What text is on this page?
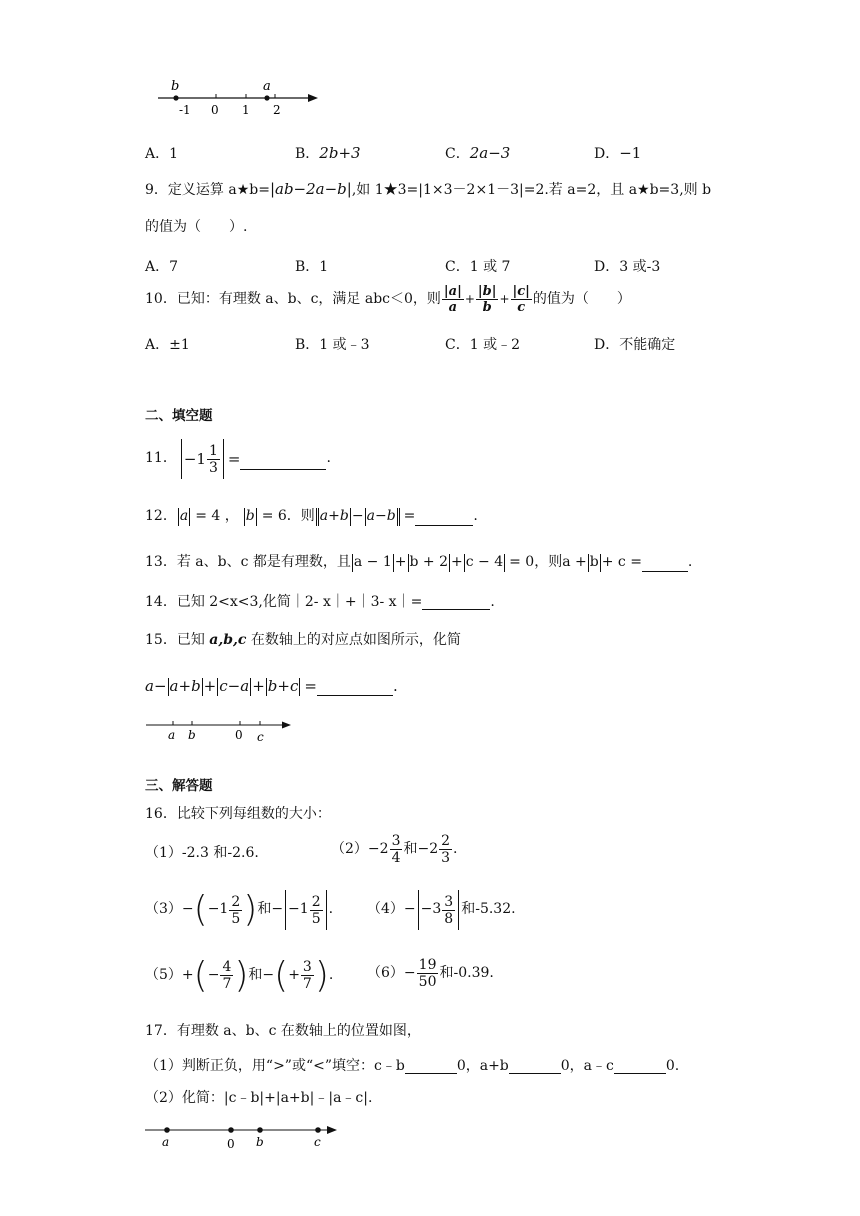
b	a
-1 0 1 2
A．1	B．2b+3	C．2a−3	D．−1
9．定义运算 a★b=|ab−2a−b|,如 1★3=|1×3－2×1－3|=2.若 a=2，且 a★b=3,则 b
的值为（　　）.
A．7	B．1	C．1 或 7	D．3 或-3
10．已知：有理数 a、b、c，满足 abc＜0，则 $\frac{|a|}{a} + \frac{|b|}{b} + \frac{|c|}{c}$ 的值为（　　）
A．±1	B．1 或﹣3	C．1 或﹣2	D．不能确定
二、填空题
11． $-1 \frac{1}{3}$ =	.
12． a = 4 ， b = 6 ．则 a + b − a − b =	.
13．若 a、b、c 都是有理数，且 a − 1 + b + 2 + c − 4 = 0 ，则 a + b + c =	.
14．已知 2<x<3,化简｜2- x｜+｜3- x｜=	.
15．已知 a,b,c 在数轴上的对应点如图所示，化简
a − a + b + c − a + b + c =	.
a b	0 c
三、解答题
16．比较下列每组数的大小：
（1）-2.3 和-2.6.	$(2) -2 \frac{3}{4}$ 和 $-2 \frac{2}{3}$ .
（3） − ( $-1 \frac{2}{5}$ ) 和 − $-1 \frac{2}{5}$ . $(4) - -3 \frac{3}{8}$ 和-5.32.
（5） + ( − $\frac{4}{7}$ ) 和 − ( + $\frac{3}{7}$ ) . $(6) - \frac{19}{50}$ 和-0.39.
17．有理数 a、b、c 在数轴上的位置如图，
（1）判断正负，用“>”或“<”填空：c﹣b	0，a+b	0，a﹣c	0.
（2）化简：|c﹣b|+|a+b|﹣|a﹣c|.
a	0 b	c
